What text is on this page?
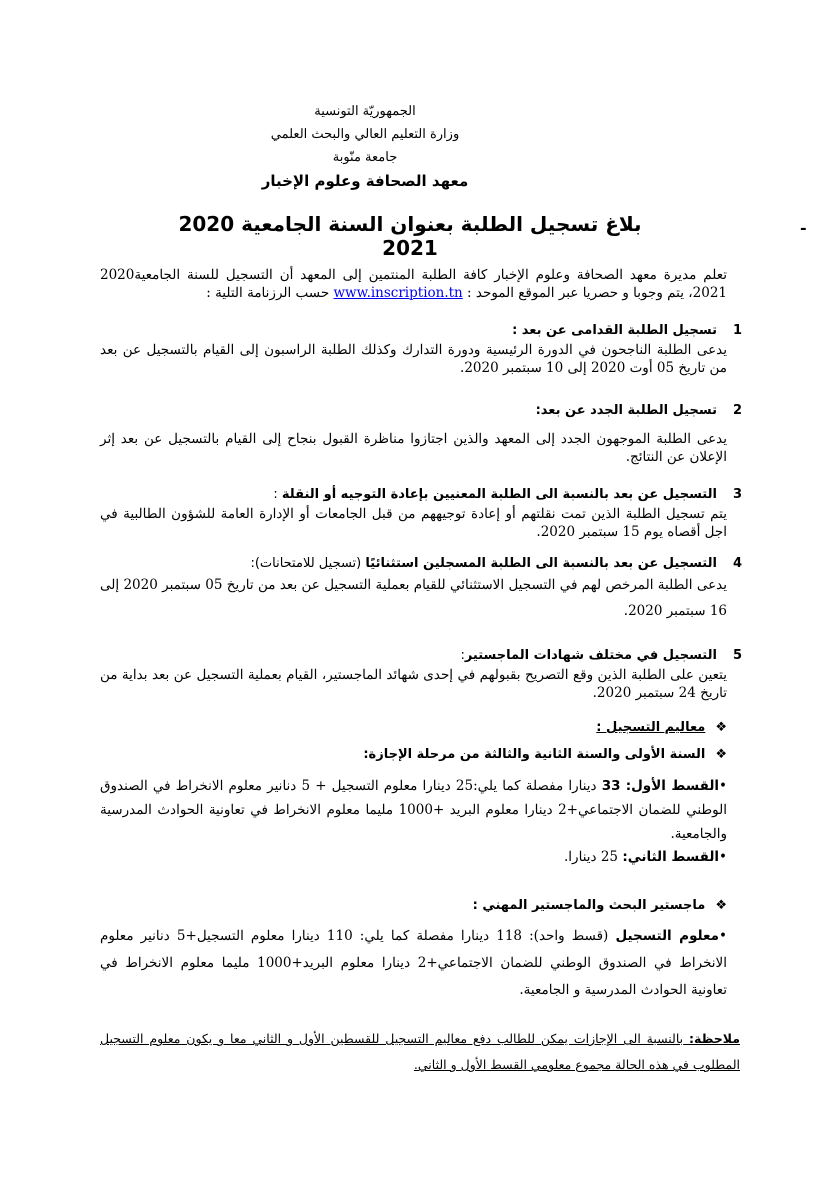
الجمهوريّة التونسية
وزارة التعليم العالي والبحث العلمي
جامعة منّوبة
معهد الصحافة وعلوم الإخبار
بلاغ تسجيل الطلبة بعنوان السنة الجامعية 2020 2021
-
تعلم مديرة معهد الصحافة وعلوم الإخبار كافة الطلبة المنتمين إلى المعهد أن التسجيل للسنة الجامعية2020 2021، يتم وجوبا و حصريا عبر الموقع الموحد : www.inscription.tn حسب الرزنامة التلية :
1تسجيل الطلبة القدامى عن بعد :
يدعى الطلبة الناجحون في الدورة الرئيسية ودورة التدارك وكذلك الطلبة الراسبون إلى القيام بالتسجيل عن بعد من تاريخ 05 أوت 2020 إلى 10 سبتمبر 2020.
2تسجيل الطلبة الجدد عن بعد:
يدعى الطلبة الموجهون الجدد إلى المعهد والذين اجتازوا مناظرة القبول بنجاح إلى القيام بالتسجيل عن بعد إثر الإعلان عن النتائج.
3التسجيل عن بعد بالنسبة الى الطلبة المعنيين بإعادة التوجيه أو النقلة :
يتم تسجيل الطلبة الذين تمت نقلتهم أو إعادة توجيههم من قبل الجامعات أو الإدارة العامة للشؤون الطالبية في اجل أقصاه يوم 15 سبتمبر 2020.
4التسجيل عن بعد بالنسبة الى الطلبة المسجلين استثنائيًا (تسجيل للامتحانات):
يدعى الطلبة المرخص لهم في التسجيل الاستثنائي للقيام بعملية التسجيل عن بعد من تاريخ 05 سبتمبر 2020 إلى 16 سبتمبر 2020.
5التسجيل في مختلف شهادات الماجستير:
يتعين على الطلبة الذين وقع التصريح بقبولهم في إحدى شهائد الماجستير، القيام بعملية التسجيل عن بعد بداية من تاريخ 24 سبتمبر 2020.
❖معاليم التسجيل :
❖السنة الأولى والسنة الثانية والثالثة من مرحلة الإجازة:
•القسط الأول: 33 دينارا مفصلة كما يلي:25 دينارا معلوم التسجيل + 5 دنانير معلوم الانخراط في الصندوق الوطني للضمان الاجتماعي+2 دينارا معلوم البريد +1000 مليما معلوم الانخراط في تعاونية الحوادث المدرسية والجامعية.
•القسط الثاني: 25 دينارا.
❖ماجستير البحث والماجستير المهني :
•معلوم التسجيل (قسط واحد): 118 دينارا مفصلة كما يلي: 110 دينارا معلوم التسجيل+5 دنانير معلوم الانخراط في الصندوق الوطني للضمان الاجتماعي+2 دينارا معلوم البريد+1000 مليما معلوم الانخراط في تعاونية الحوادث المدرسية و الجامعية.
ملاحظة: بالنسبة الى الإجازات يمكن للطالب دفع معاليم التسجيل للقسطين الأول و الثاني معا و يكون معلوم التسجيل المطلوب في هذه الحالة مجموع معلومي القسط الأول و الثاني.
